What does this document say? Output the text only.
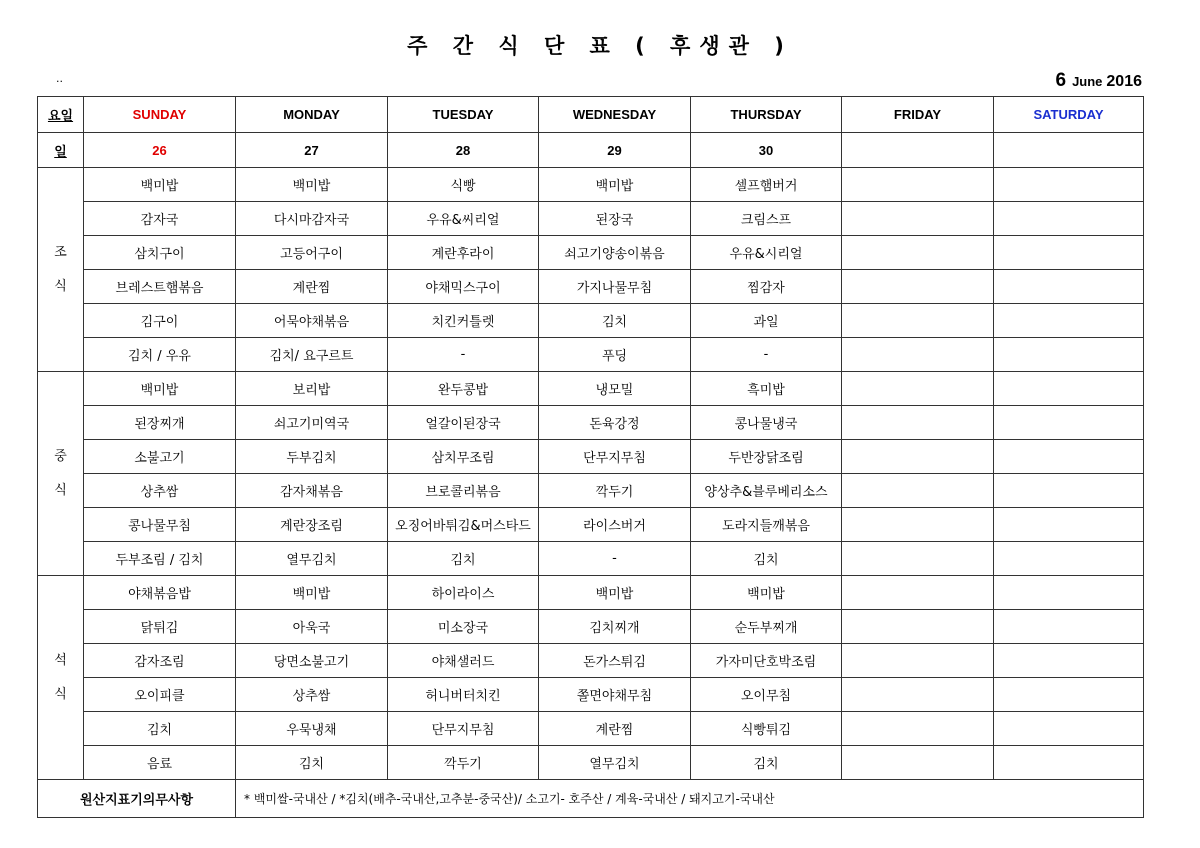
주 간 식 단 표 ( 후생관 )
..	6 June 2016
요일	SUNDAY	MONDAY	TUESDAY	WEDNESDAY	THURSDAY	FRIDAY	SATURDAY
일	26	27	28	29	30		

조
식	백미밥	백미밥	식빵	백미밥	셀프햄버거		
	감자국	다시마감자국	우유&씨리얼	된장국	크림스프		
	삼치구이	고등어구이	계란후라이	쇠고기양송이볶음	우유&시리얼		
	브레스트햄볶음	계란찜	야채믹스구이	가지나물무침	찜감자		
	김구이	어묵야채볶음	치킨커틀렛	김치	과일		
	김치 / 우유	김치/ 요구르트	-	푸딩	-		

중
식	백미밥	보리밥	완두콩밥	냉모밀	흑미밥		
	된장찌개	쇠고기미역국	얼갈이된장국	돈육강정	콩나물냉국		
	소불고기	두부김치	삼치무조림	단무지무침	두반장닭조림		
	상추쌈	감자채볶음	브로콜리볶음	깍두기	양상추&블루베리소스		
	콩나물무침	계란장조림	오징어바튀김&머스타드	라이스버거	도라지들깨볶음		
	두부조림 / 김치	열무김치	김치	-	김치		

석
식	야채볶음밥	백미밥	하이라이스	백미밥	백미밥		
	닭튀김	아욱국	미소장국	김치찌개	순두부찌개		
	감자조림	당면소불고기	야채샐러드	돈가스튀김	가자미단호박조림		
	오이피클	상추쌈	허니버터치킨	쫄면야채무침	오이무침		
	김치	우묵냉채	단무지무침	계란찜	식빵튀김		
	음료	김치	깍두기	열무김치	김치		
원산지표기의무사항		* 백미쌀-국내산 / *김치(배추-국내산,고추분-중국산)/ 소고기- 호주산 / 계육-국내산 / 돼지고기-국내산					
